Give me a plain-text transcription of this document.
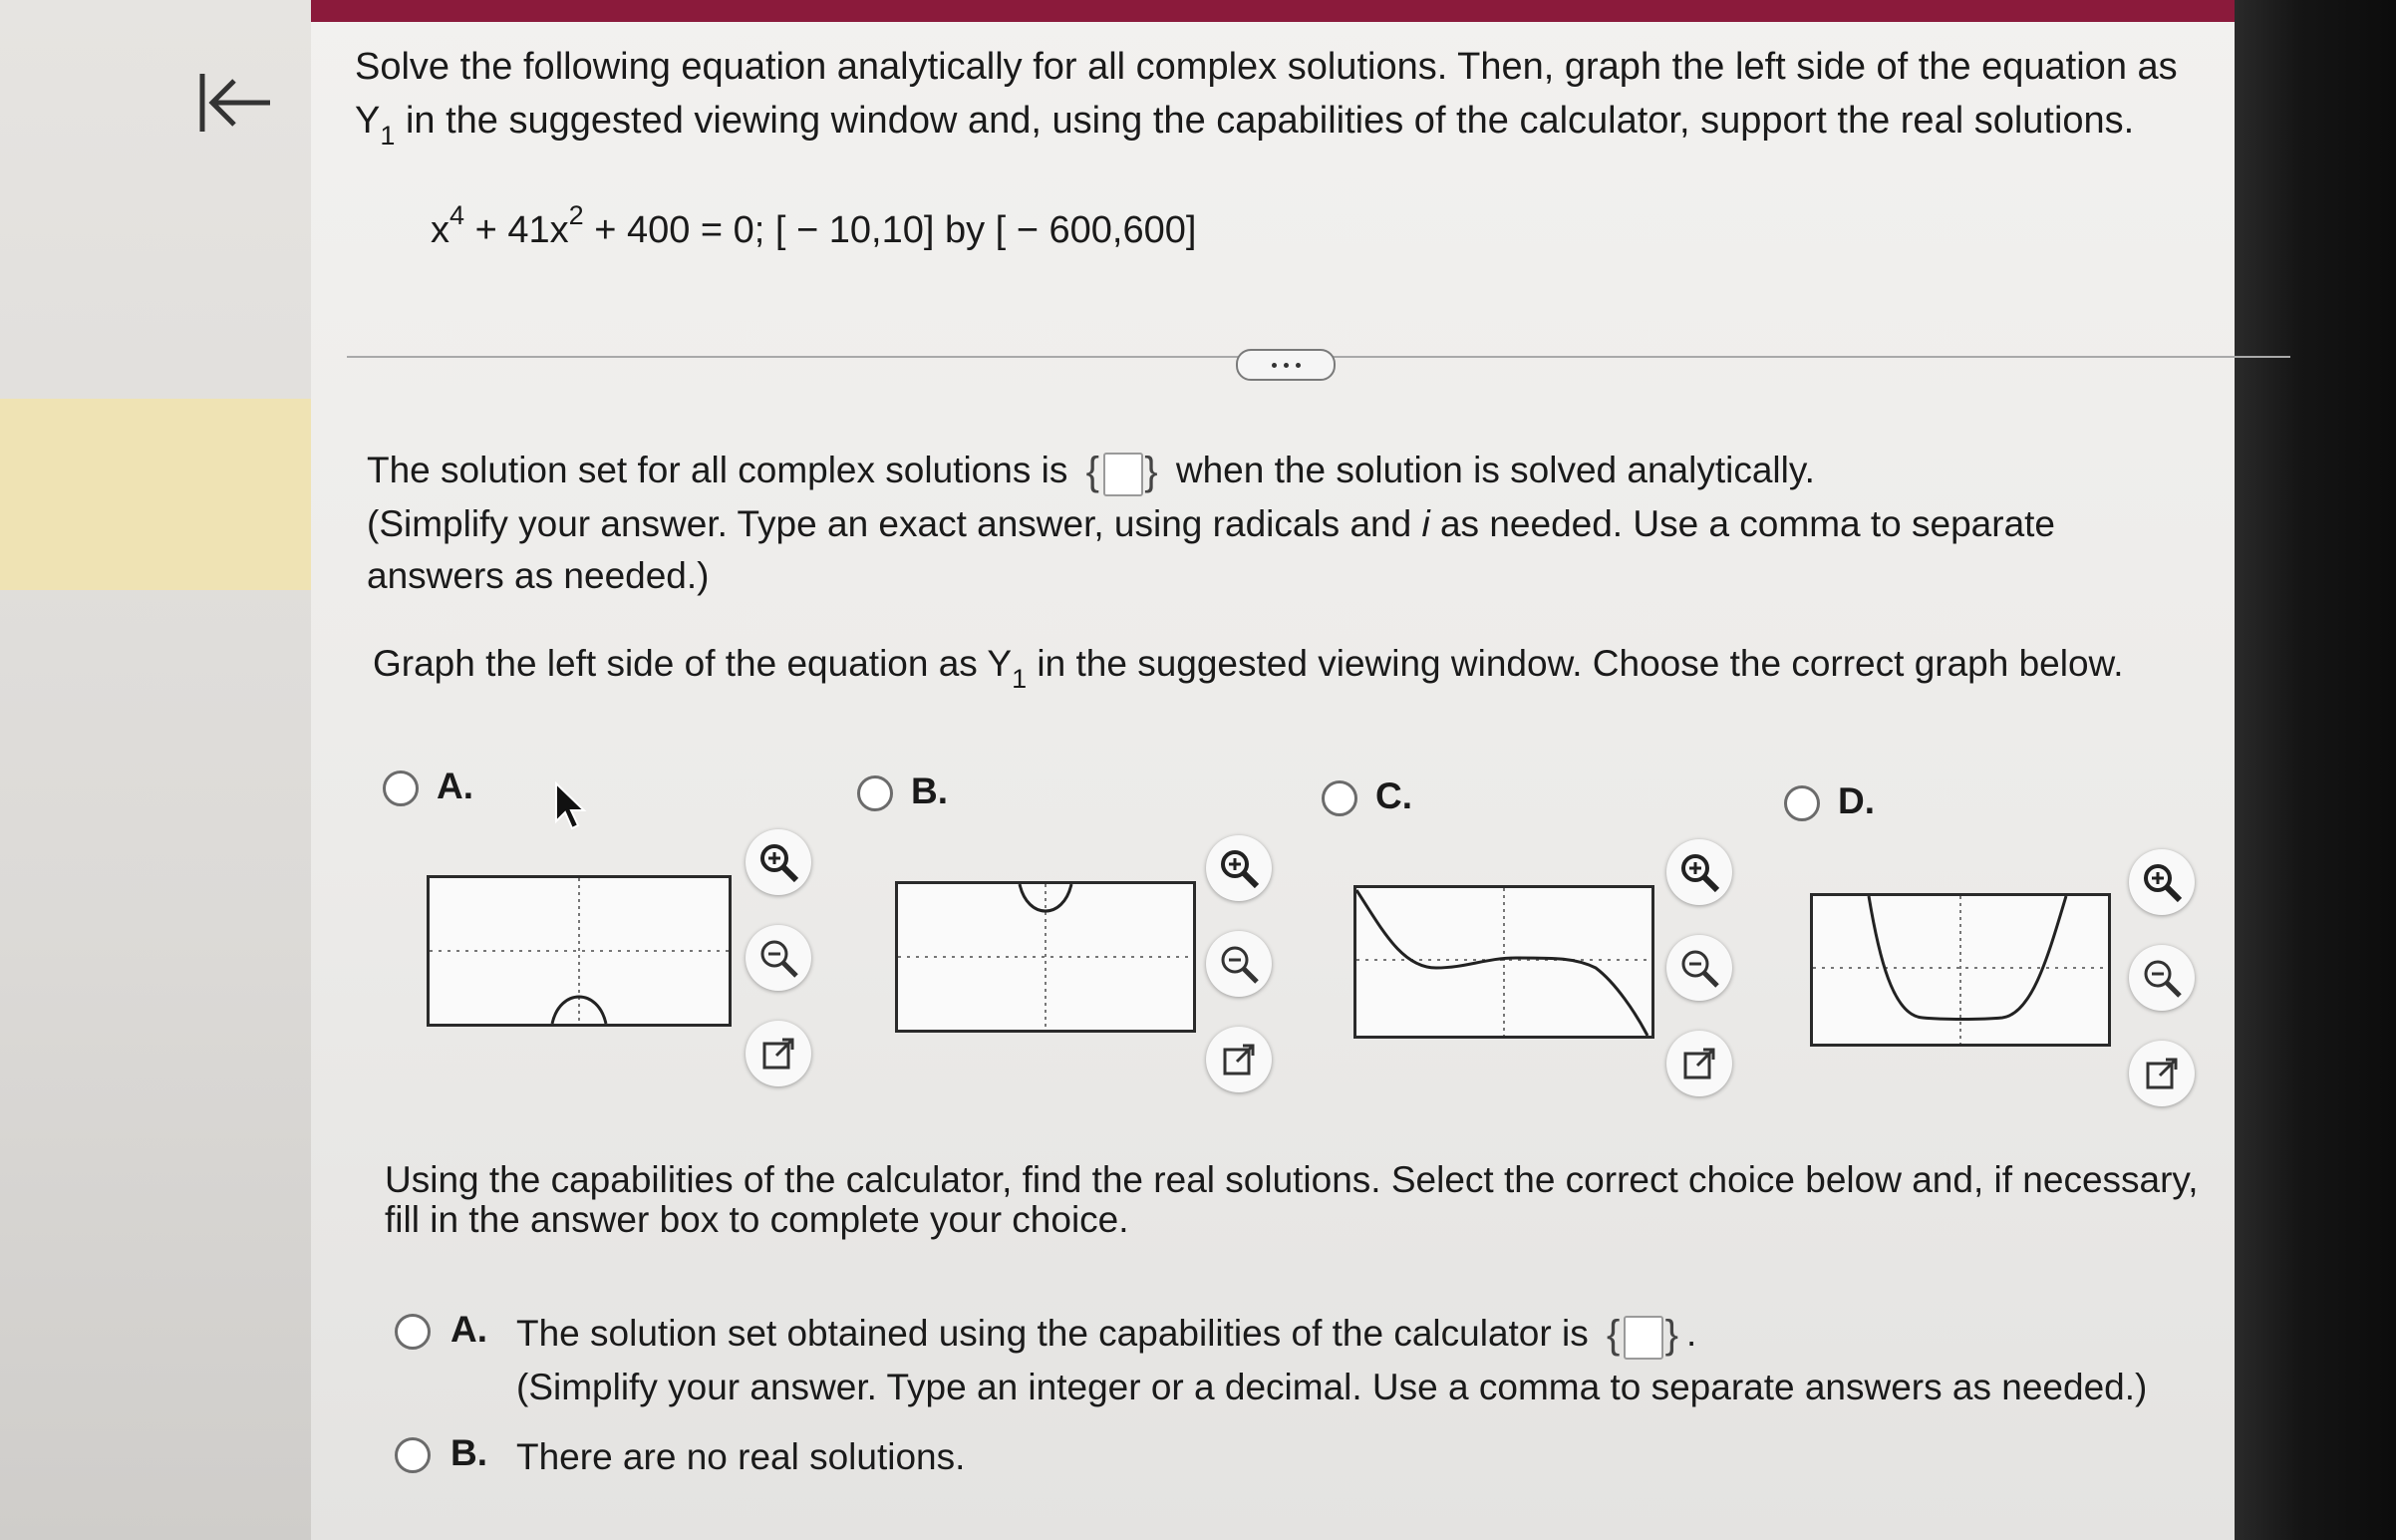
Solve the following equation analytically for all complex solutions. Then, graph the left side of the equation as
$Y_1$ in the suggested viewing window and, using the capabilities of the calculator, support the real solutions.
$x^4 + 41x^2 + 400 = 0$; [ − 10,10] by [ − 600,600]
The solution set for all complex solutions is { } when the solution is solved analytically.
(Simplify your answer. Type an exact answer, using radicals and i as needed. Use a comma to separate
answers as needed.)
Graph the left side of the equation as $Y_1$ in the suggested viewing window. Choose the correct graph below.
A.	B.	C.	D.
Using the capabilities of the calculator, find the real solutions. Select the correct choice below and, if necessary,
fill in the answer box to complete your choice.
A. The solution set obtained using the capabilities of the calculator is { } .
(Simplify your answer. Type an integer or a decimal. Use a comma to separate answers as needed.)
B. There are no real solutions.
